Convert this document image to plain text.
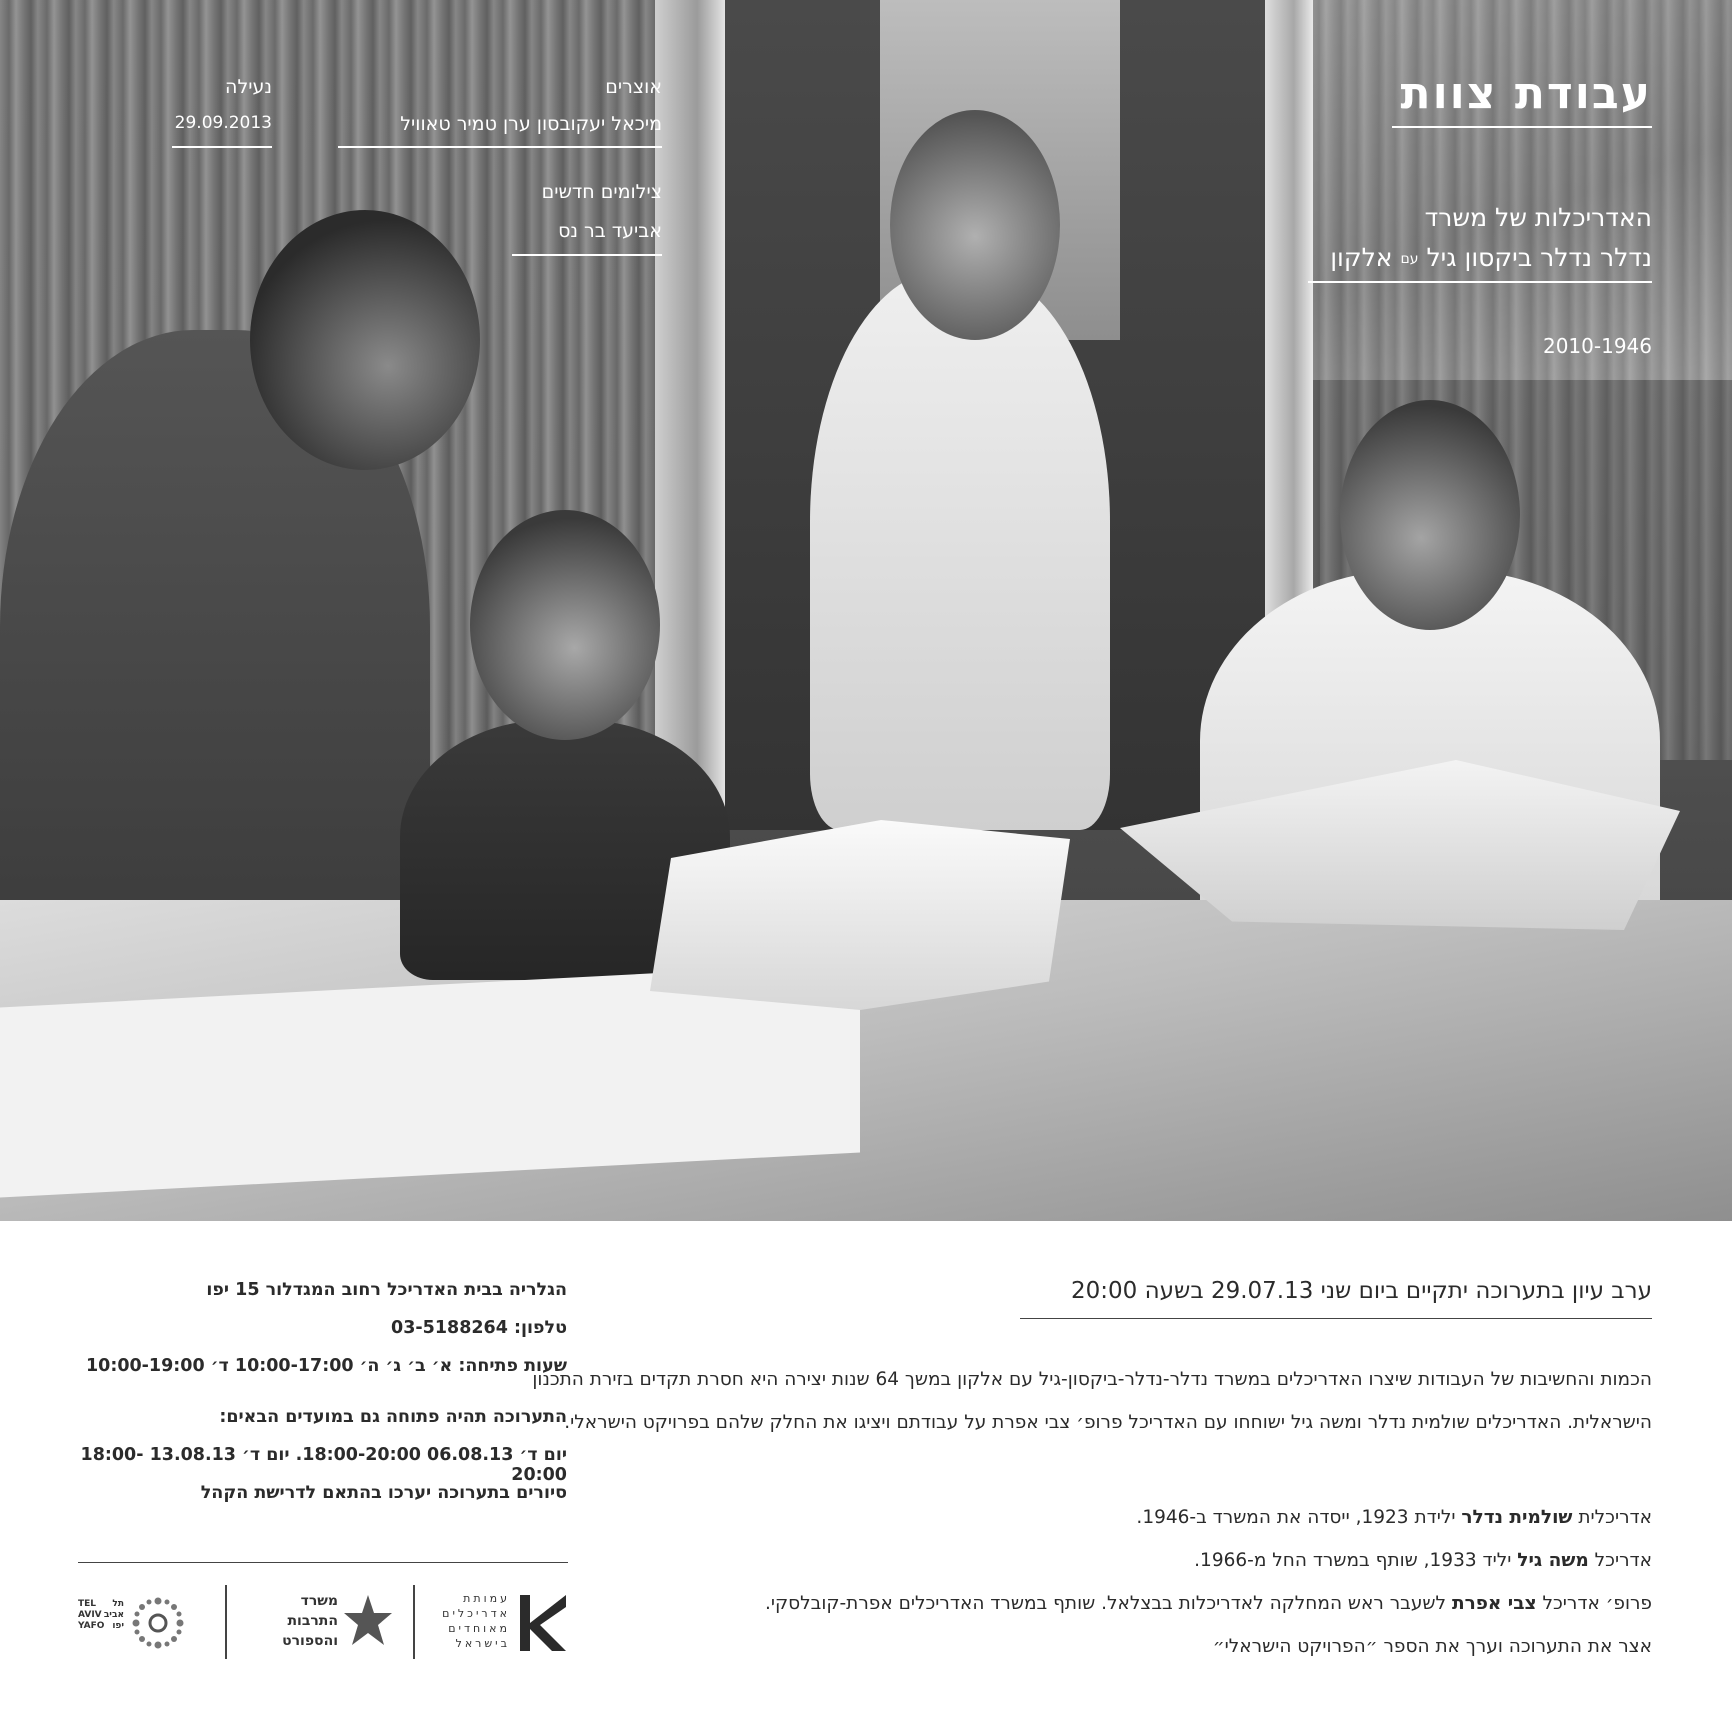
עבודת צוות
האדריכלות של משרד
נדלר נדלר ביקסון גיל עם אלקון
2010-1946
אוצרים
מיכאל יעקובסון ערן טמיר טאוויל
נעילה
29.09.2013
צילומים חדשים
אביעד בר נס
ערב עיון בתערוכה יתקיים ביום שני 29.07.13 בשעה 20:00
הכמות והחשיבות של העבודות שיצרו האדריכלים במשרד נדלר-נדלר-ביקסון-גיל עם אלקון במשך 64 שנות יצירה היא חסרת תקדים בזירת התכנון הישראלית. האדריכלים שולמית נדלר ומשה גיל ישוחחו עם האדריכל פרופ׳ צבי אפרת על עבודתם ויציגו את החלק שלהם בפרויקט הישראלי.
אדריכלית שולמית נדלר ילידת 1923, ייסדה את המשרד ב-1946.
אדריכל משה גיל יליד 1933, שותף במשרד החל מ-1966.
פרופ׳ אדריכל צבי אפרת לשעבר ראש המחלקה לאדריכלות בבצלאל. שותף במשרד האדריכלים אפרת-קובלסקי.
אצר את התערוכה וערך את הספר ״הפרויקט הישראלי״
הגלריה בבית האדריכל רחוב המגדלור 15 יפו
טלפון: 03-5188264
שעות פתיחה: א׳ ב׳ ג׳ ה׳ 10:00-17:00 ד׳ 10:00-19:00
התערוכה תהיה פתוחה גם במועדים הבאים:
יום ד׳ 06.08.13 18:00-20:00. יום ד׳ 13.08.13 18:00-20:00
סיורים בתערוכה יערכו בהתאם לדרישת הקהל
עמותת אדריכלים מאוחדים בישראל
משרד
התרבות
והספורט
תל אביב יפו
TEL
AVIV
YAFO
